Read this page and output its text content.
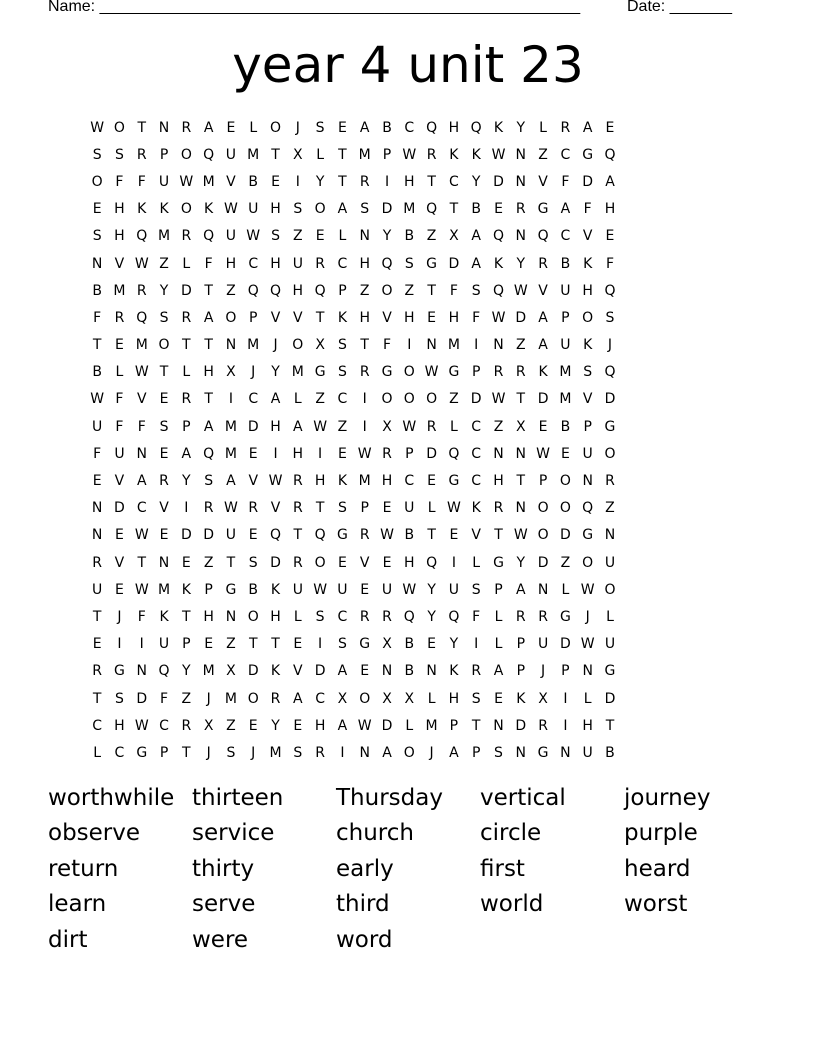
Name: ______________________________________________________	Date: _______
year 4 unit 23
W O T N R A E L O	J	S E A B C Q H Q K Y	L R A E
S S R P O Q U M T X L	T M P W R K K W N Z C G Q
O F	F U W M V B E	I	Y T R	I	H T C Y D N V F D A
E H K K O K W U H S O A S D M Q T B E R G A F H
S H Q M R Q U W S Z E L N Y B Z X A Q N Q C V E
N V W Z L	F H C H U R C H Q S G D A K Y R B K F
B M R Y D T Z Q Q H Q P Z O Z T F S Q W V U H Q
F R Q S R A O P V V T K H V H E H F W D A P O S
T E M O T T N M	J	O X S T F	I	N M	I	N Z A U K	J
B L W T	L H X	J	Y M G S R G O W G P R R K M S Q
W F V E R T	I	C A L Z C	I	O O O Z D W T D M V D
U F	F S P A M D H A W Z	I	X W R L C Z X E B P G
F U N E A Q M E	I	H	I	E W R P D Q C N N W E U O
E V A R Y S A V W R H K M H C E G C H T P O N R
N D C V	I	R W R V R T S P E U L W K R N O O Q Z
N E W E D D U E Q T Q G R W B T E V T W O D G N
R V T N E Z T S D R O E V E H Q	I	L G Y D Z O U
U E W M K P G B K U W U E U W Y U S P A N L W O
T	J	F K T H N O H L S C R R Q Y Q F	L R R G	J	L
E	I	I	U P E Z T T E	I	S G X B E Y	I	L	P U D W U
R G N Q Y M X D K V D A E N B N K R A P	J	P N G
T S D F Z	J	M O R A C X O X X L H S E K X	I	L D
C H W C R X Z E Y E H A W D L M P T N D R	I	H T
L C G P T	J	S	J	M S R	I	N A O	J	A P S N G N U B
worthwhile thirteen	Thursday	vertical	journey
observe	service	church	circle	purple
return	thirty	early	first	heard
learn	serve	third	world	worst
dirt	were	word
